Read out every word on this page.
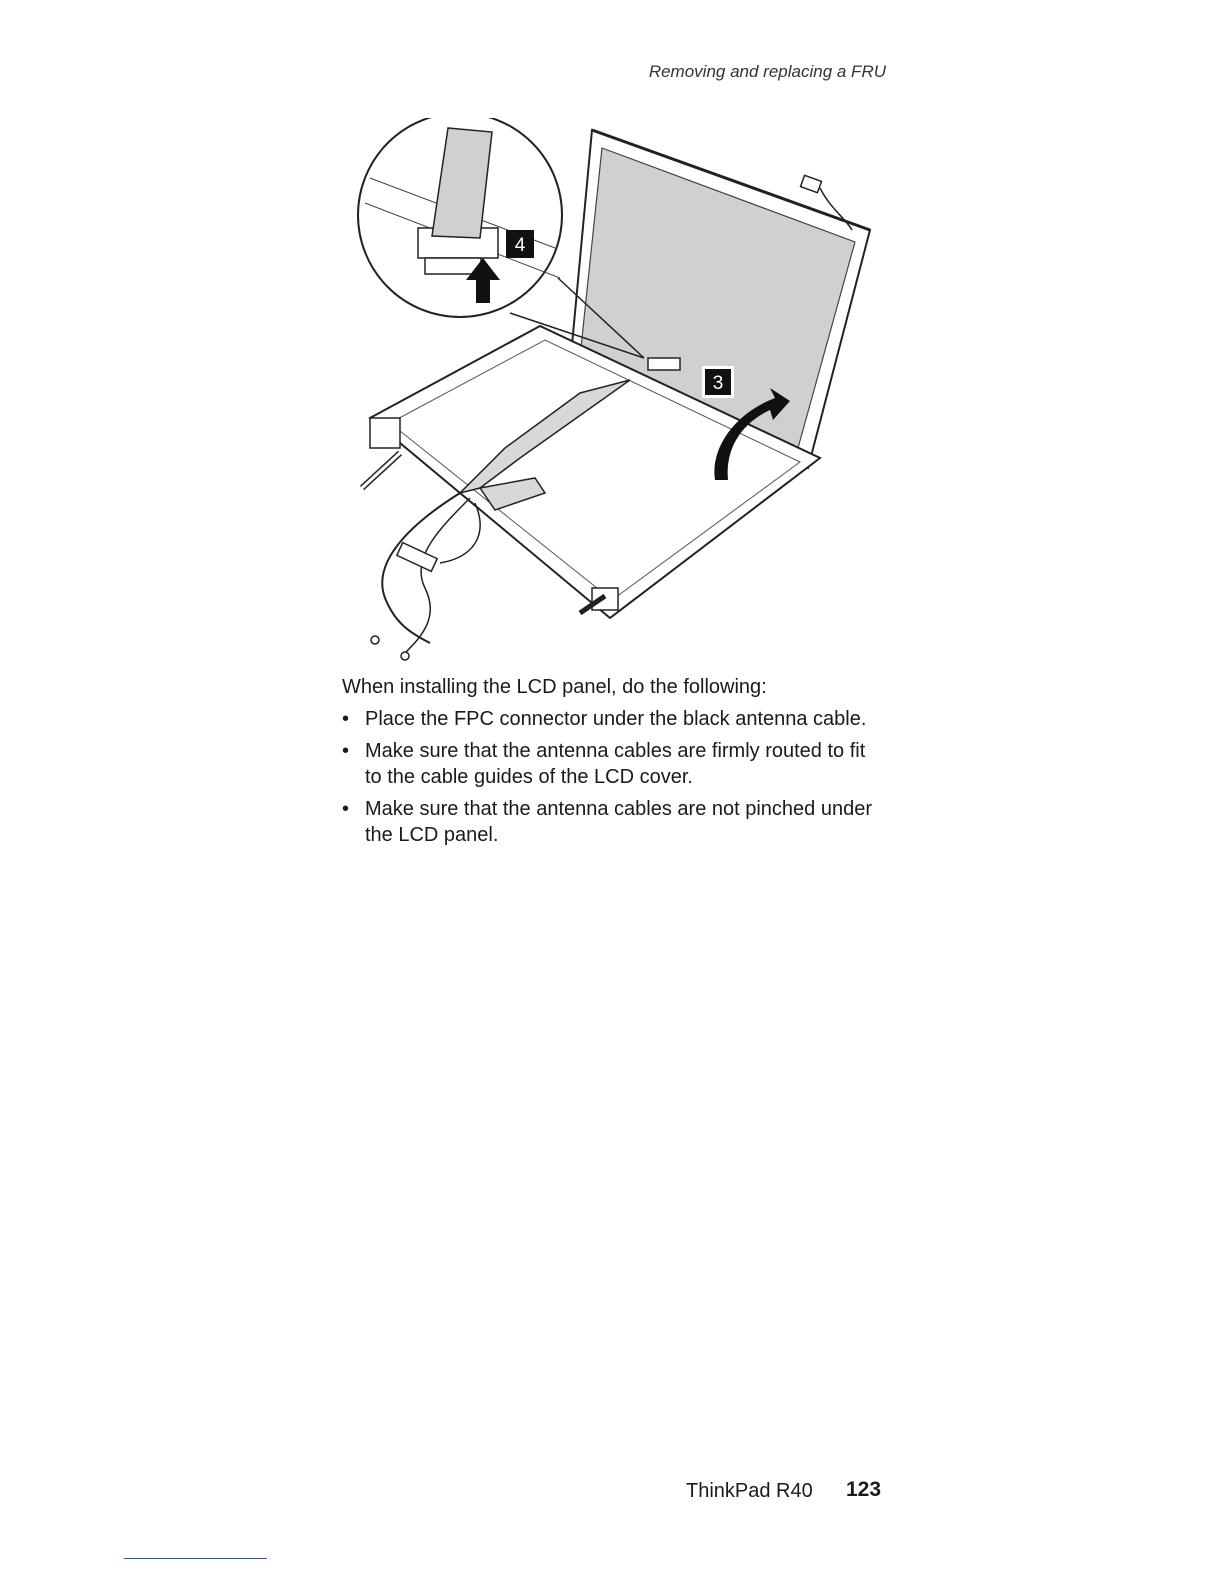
Removing and replacing a FRU
4
3
When installing the LCD panel, do the following:
• Place the FPC connector under the black antenna cable.
• Make sure that the antenna cables are firmly routed to fit to the cable guides of the LCD cover.
• Make sure that the antenna cables are not pinched under the LCD panel.
ThinkPad R40 123
